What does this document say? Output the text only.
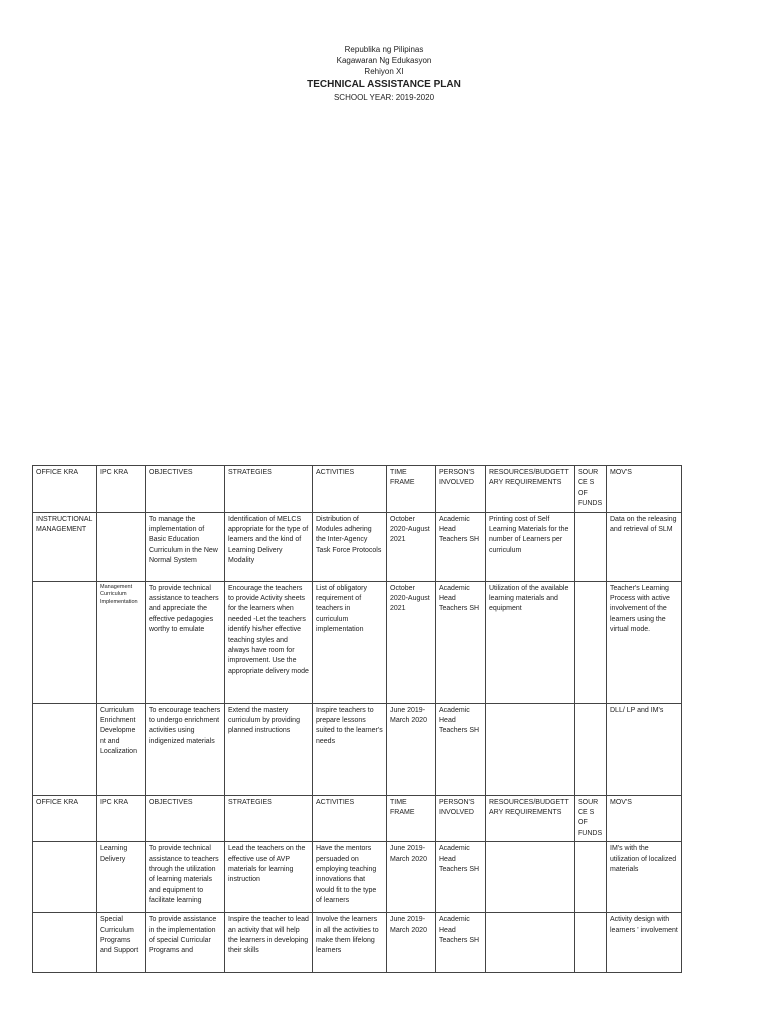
Republika ng Pilipinas
Kagawaran Ng Edukasyon
Rehiyon XI
TECHNICAL ASSISTANCE PLAN
SCHOOL YEAR: 2019-2020
OFFICE KRA	IPC KRA	OBJECTIVES	STRATEGIES	ACTIVITIES	TIME FRAME	PERSON'S INVOLVED	RESOURCES/BUDGETT ARY REQUIREMENTS	SOURCE S OF FUNDS	MOV'S
INSTRUCTIONAL MANAGEMENT		To manage the implementation of Basic Education Curriculum in the New Normal System	Identification of MELCS appropriate for the type of learners and the kind of Learning Delivery Modality	Distribution of Modules adhering the Inter-Agency Task Force Protocols	October 2020-August 2021	Academic Head Teachers SH	Printing cost of Self Learning Materials for the number of Learners per curriculum		Data on the releasing and retrieval of SLM
	Management Curriculum Implementation	To provide technical assistance to teachers and appreciate the effective pedagogies worthy to emulate	Encourage the teachers to provide Activity sheets for the learners when needed -Let the teachers identify his/her effective teaching styles and always have room for improvement. Use the appropriate delivery mode	List of obligatory requirement of teachers in curriculum implementation	October 2020-August 2021	Academic Head Teachers SH	Utilization of the available learning materials and equipment		Teacher's Learning Process with active involvement of the learners using the virtual mode.
	Curriculum Enrichment Developme nt and Localization	To encourage teachers to undergo enrichment activities using indigenized materials	Extend the mastery curriculum by providing planned instructions	Inspire teachers to prepare lessons suited to the learner's needs	June 2019-March 2020	Academic Head Teachers SH			DLL/ LP and IM's
OFFICE KRA	IPC KRA	OBJECTIVES	STRATEGIES	ACTIVITIES	TIME FRAME	PERSON'S INVOLVED	RESOURCES/BUDGETT ARY REQUIREMENTS	SOURCE S OF FUNDS	MOV'S
	Learning Delivery	To provide technical assistance to teachers through the utilization of learning materials and equipment to facilitate learning	Lead the teachers on the effective use of AVP materials for learning instruction	Have the mentors persuaded on employing teaching innovations that would fit to the type of learners	June 2019-March 2020	Academic Head Teachers SH			IM's with the utilization of localized materials
	Special Curriculum Programs and Support	To provide assistance in the implementation of special Curricular Programs and	Inspire the teacher to lead an activity that will help the learners in developing their skills	Involve the learners in all the activities to make them lifelong learners	June 2019-March 2020	Academic Head Teachers SH			Activity design with learners ' involvement
